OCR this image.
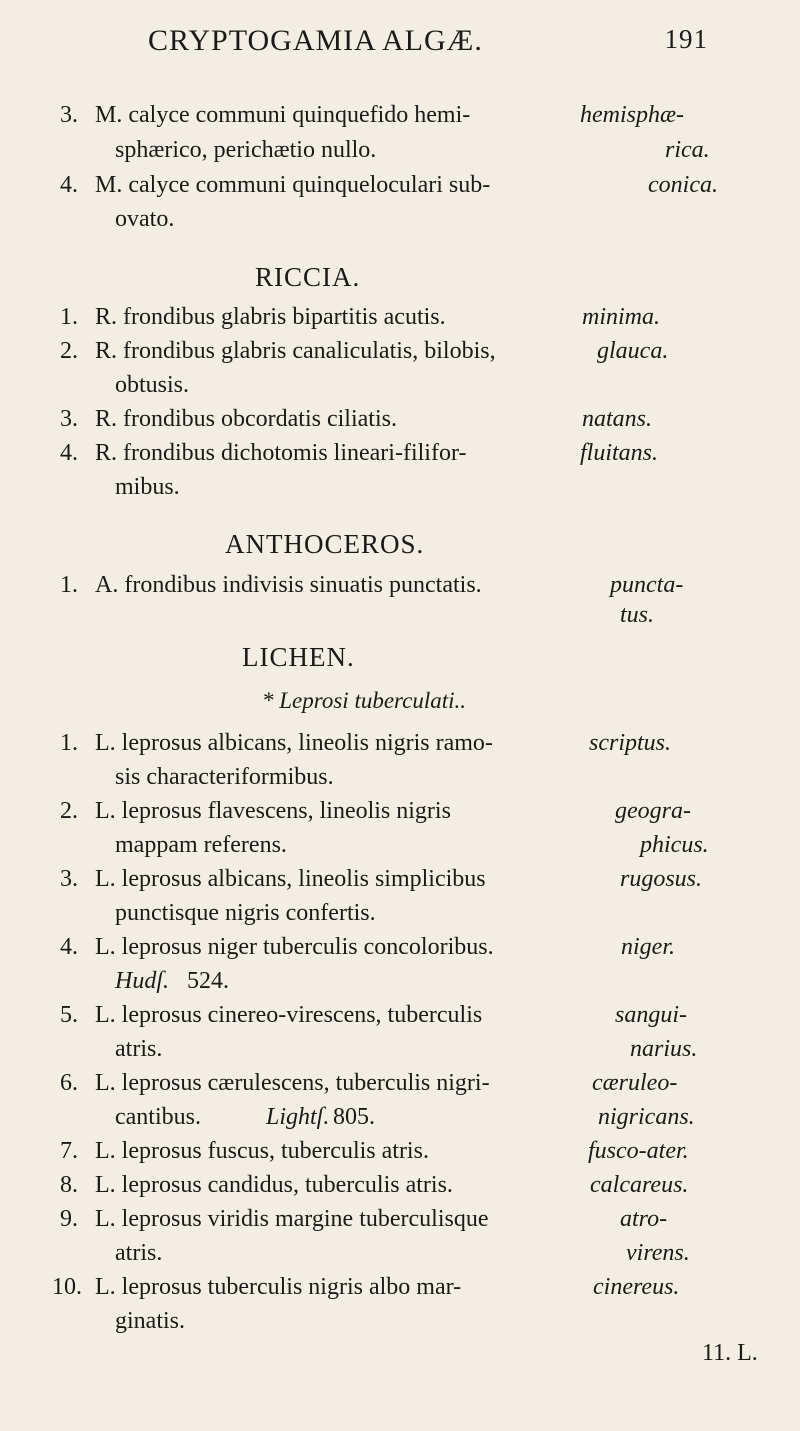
CRYPTOGAMIA ALGÆ.	191
3. M. calyce communi quinquefido hemi-	hemisphæ-
sphærico, perichætio nullo.	rica.
4. M. calyce communi quinqueloculari sub-	conica.
ovato.
RICCIA.
1. R. frondibus glabris bipartitis acutis.	minima.
2. R. frondibus glabris canaliculatis, bilobis,	glauca.
obtusis.
3. R. frondibus obcordatis ciliatis.	natans.
4. R. frondibus dichotomis lineari-filifor-	fluitans.
mibus.
ANTHOCEROS.
1. A. frondibus indivisis sinuatis punctatis.	puncta-
tus.
LICHEN.
* Leprosi tuberculati..
1. L. leprosus albicans, lineolis nigris ramo-	scriptus.
sis characteriformibus.
2. L. leprosus flavescens, lineolis nigris	geogra-
mappam referens.	phicus.
3. L. leprosus albicans, lineolis simplicibus	rugosus.
punctisque nigris confertis.
4. L. leprosus niger tuberculis concoloribus.	niger.
Hudſ. 524.
5. L. leprosus cinereo-virescens, tuberculis	sangui-
atris.	narius.
6. L. leprosus cærulescens, tuberculis nigri-	cæruleo-
cantibus.	Lightſ. 805.	nigricans.
7. L. leprosus fuscus, tuberculis atris.	fusco-ater.
8. L. leprosus candidus, tuberculis atris.	calcareus.
9. L. leprosus viridis margine tuberculisque	atro-
atris.	virens.
10. L. leprosus tuberculis nigris albo mar-	cinereus.
ginatis.
11. L.
